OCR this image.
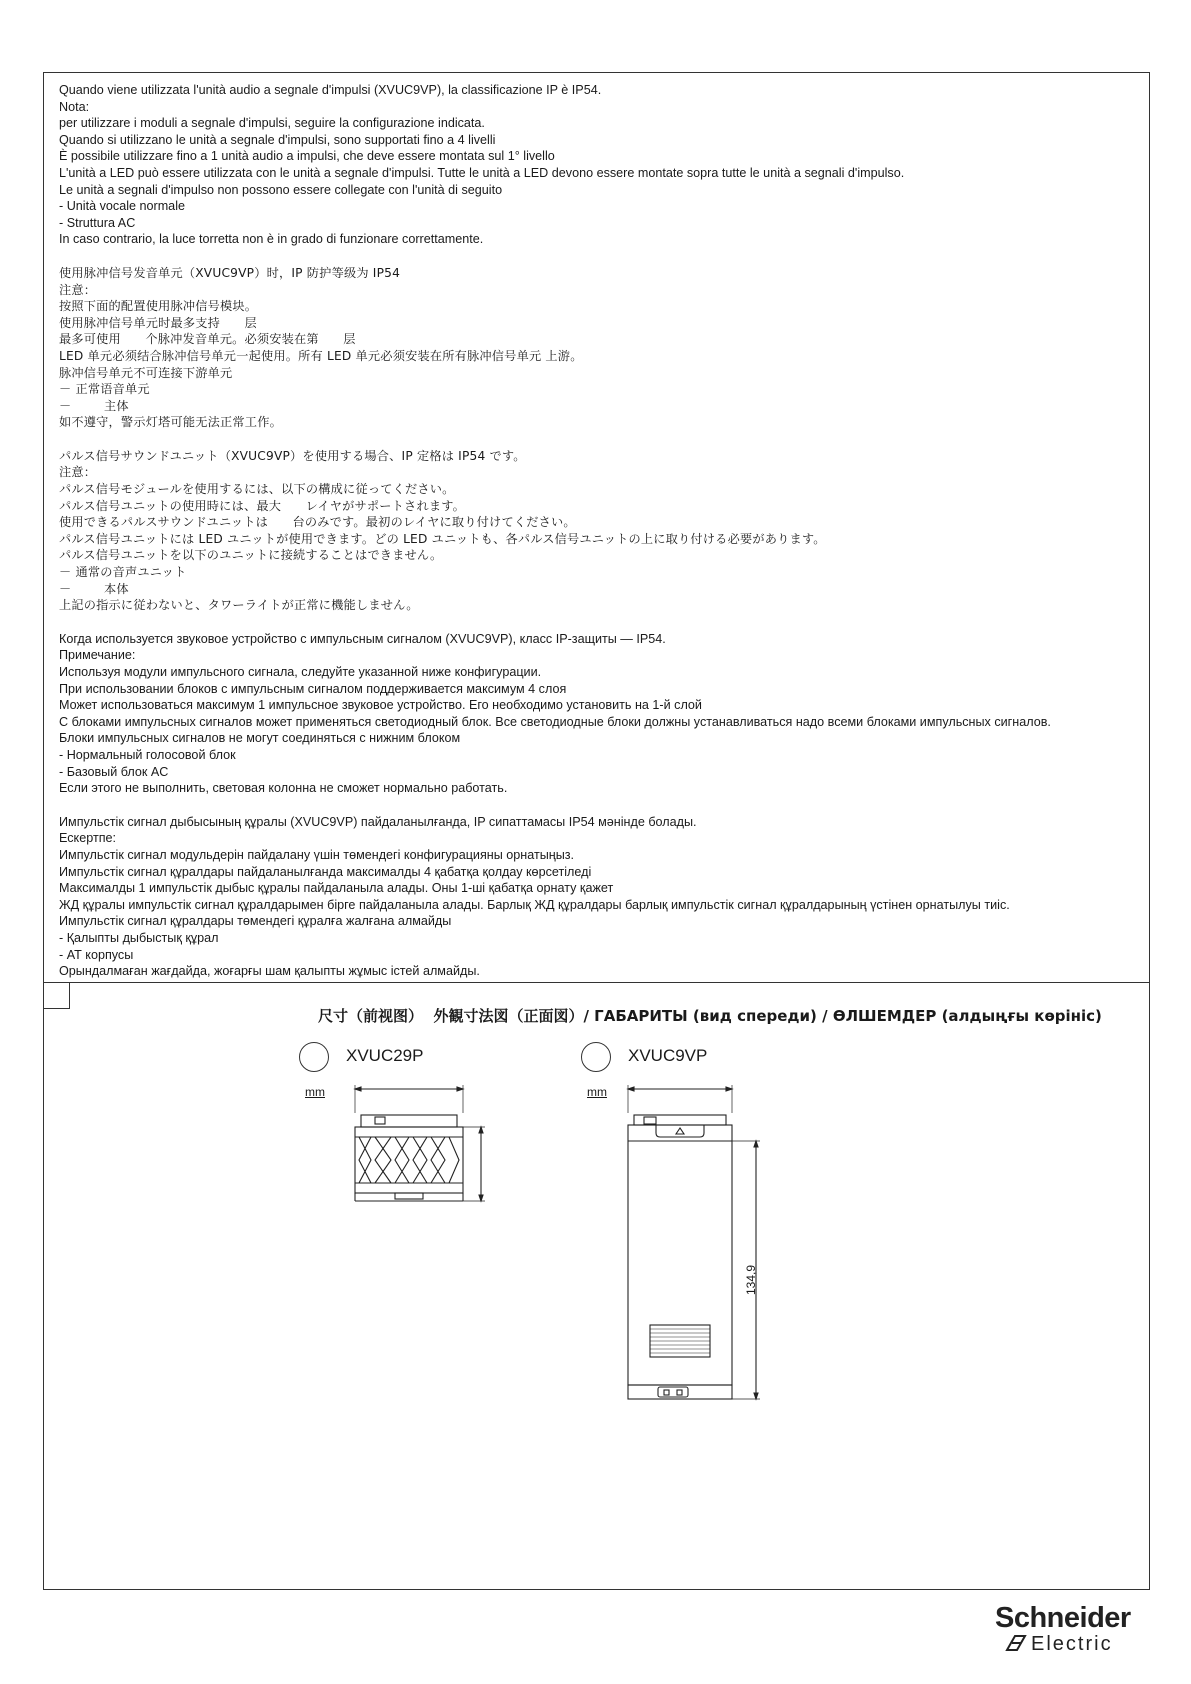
Quando viene utilizzata l'unità audio a segnale d'impulsi (XVUC9VP), la classificazione IP è IP54.
Nota:
per utilizzare i moduli a segnale d'impulsi, seguire la configurazione indicata.
Quando si utilizzano le unità a segnale d'impulsi, sono supportati fino a 4 livelli
È possibile utilizzare fino a 1 unità audio a impulsi, che deve essere montata sul 1° livello
L'unità a LED può essere utilizzata con le unità a segnale d'impulsi. Tutte le unità a LED devono essere montate sopra tutte le unità a segnali d'impulso.
Le unità a segnali d'impulso non possono essere collegate con l'unità di seguito
- Unità vocale normale
- Struttura AC
In caso contrario, la luce torretta non è in grado di funzionare correttamente.
使用脉冲信号发音单元（XVUC9VP）时，IP 防护等级为 IP54
注意：
按照下面的配置使用脉冲信号模块。
使用脉冲信号单元时最多支持      层
最多可使用      个脉冲发音单元。必须安装在第      层
LED 单元必须结合脉冲信号单元一起使用。所有 LED 单元必须安装在所有脉冲信号单元 上游。
脉冲信号单元不可连接下游单元
－ 正常语音单元
－        主体
如不遵守，警示灯塔可能无法正常工作。
パルス信号サウンドユニット（XVUC9VP）を使用する場合、IP 定格は IP54 です。
注意：
パルス信号モジュールを使用するには、以下の構成に従ってください。
パルス信号ユニットの使用時には、最大      レイヤがサポートされます。
使用できるパルスサウンドユニットは      台のみです。最初のレイヤに取り付けてください。
パルス信号ユニットには LED ユニットが使用できます。どの LED ユニットも、各パルス信号ユニットの上に取り付ける必要があります。
パルス信号ユニットを以下のユニットに接続することはできません。
－ 通常の音声ユニット
－        本体
上記の指示に従わないと、タワーライトが正常に機能しません。
Когда используется звуковое устройство с импульсным сигналом (XVUC9VP), класс IP-защиты — IP54.
Примечание:
Используя модули импульсного сигнала, следуйте указанной ниже конфигурации.
При использовании блоков с импульсным сигналом поддерживается максимум 4 слоя
Может использоваться максимум 1 импульсное звуковое устройство. Его необходимо установить на 1-й слой
С блоками импульсных сигналов может применяться светодиодный блок. Все светодиодные блоки должны устанавливаться надо всеми блоками импульсных сигналов.
Блоки импульсных сигналов не могут соединяться с нижним блоком
- Нормальный голосовой блок
- Базовый блок AC
Если этого не выполнить, световая колонна не сможет нормально работать.
Импульстік сигнал дыбысының құралы (XVUC9VP) пайдаланылғанда, IP сипаттамасы IP54 мәнінде болады.
Ескертпе:
Импульстік сигнал модульдерін пайдалану үшін төмендегі конфигурацияны орнатыңыз.
Импульстік сигнал құралдары пайдаланылғанда максималды 4 қабатқа қолдау көрсетіледі
Максималды 1 импульстік дыбыс құралы пайдаланыла алады. Оны 1-ші қабатқа орнату қажет
ЖД құралы импульстік сигнал құралдарымен бірге пайдаланыла алады. Барлық ЖД құралдары барлық импульстік сигнал құралдарының үстінен орнатылуы тиіс.
Импульстік сигнал құралдары төмендегі құралға жалғана алмайды
- Қалыпты дыбыстық құрал
- АТ корпусы
Орындалмаған жағдайда, жоғарғы шам қалыпты жұмыс істей алмайды.
尺寸（前视图）  外観寸法図（正面図）/ ГАБАРИТЫ (вид спереди) / ӨЛШЕМДЕР (алдыңғы көрініс)
XVUC29P
mm
XVUC9VP
mm
134,9
Schneider
Electric
